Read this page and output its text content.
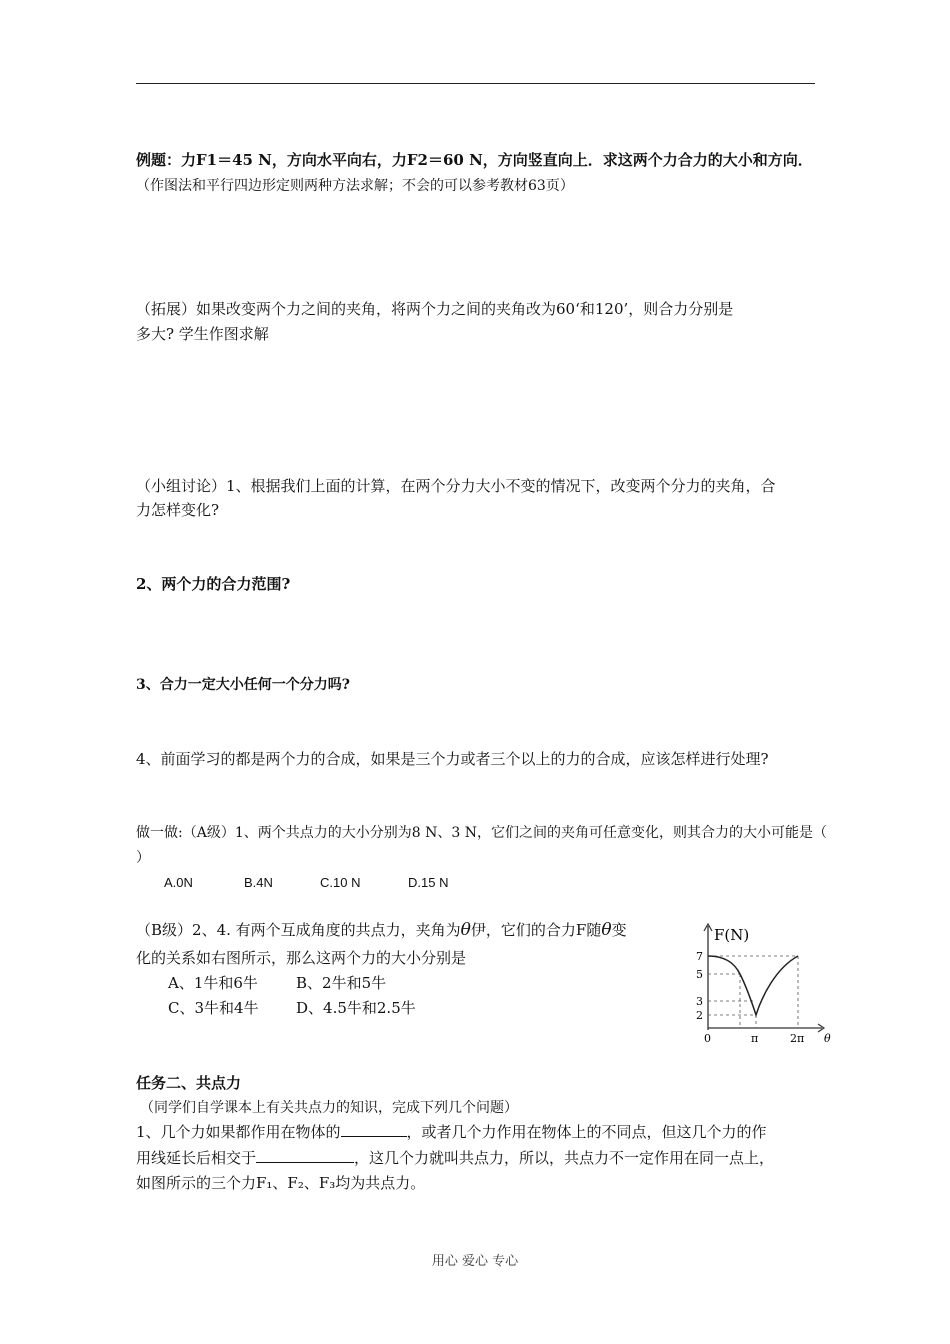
例题：力F1＝45 N，方向水平向右，力F2＝60 N，方向竖直向上．求这两个力合力的大小和方向．
（作图法和平行四边形定则两种方法求解；不会的可以参考教材63页）
（拓展）如果改变两个力之间的夹角，将两个力之间的夹角改为60‘和120’，则合力分别是
多大? 学生作图求解
（小组讨论）1、根据我们上面的计算，在两个分力大小不变的情况下，改变两个分力的夹角，合
力怎样变化?
2、两个力的合力范围?
3、合力一定大小任何一个分力吗?
4、前面学习的都是两个力的合成，如果是三个力或者三个以上的力的合成，应该怎样进行处理?
做一做:（A级）1、两个共点力的大小分别为8 N、3 N，它们之间的夹角可任意变化，则其合力的大小可能是（
）
A.0N	B.4N	C.10 N	D.15 N
（B级）2、4. 有两个互成角度的共点力，夹角为θ伊，它们的合力F随θ变
化的关系如右图所示，那么这两个力的大小分别是
A、1牛和6牛	B、2牛和5牛
C、3牛和4牛 D、4.5牛和2.5牛
F(N)
7
5
3
2
0	π	2π θ
任务二、共点力
（同学们自学课本上有关共点力的知识，完成下列几个问题）
1、几个力如果都作用在物体的	，或者几个力作用在物体上的不同点，但这几个力的作
用线延长后相交于	，这几个力就叫共点力，所以，共点力不一定作用在同一点上，
如图所示的三个力F₁、F₂、F₃均为共点力。
用心 爱心 专心
